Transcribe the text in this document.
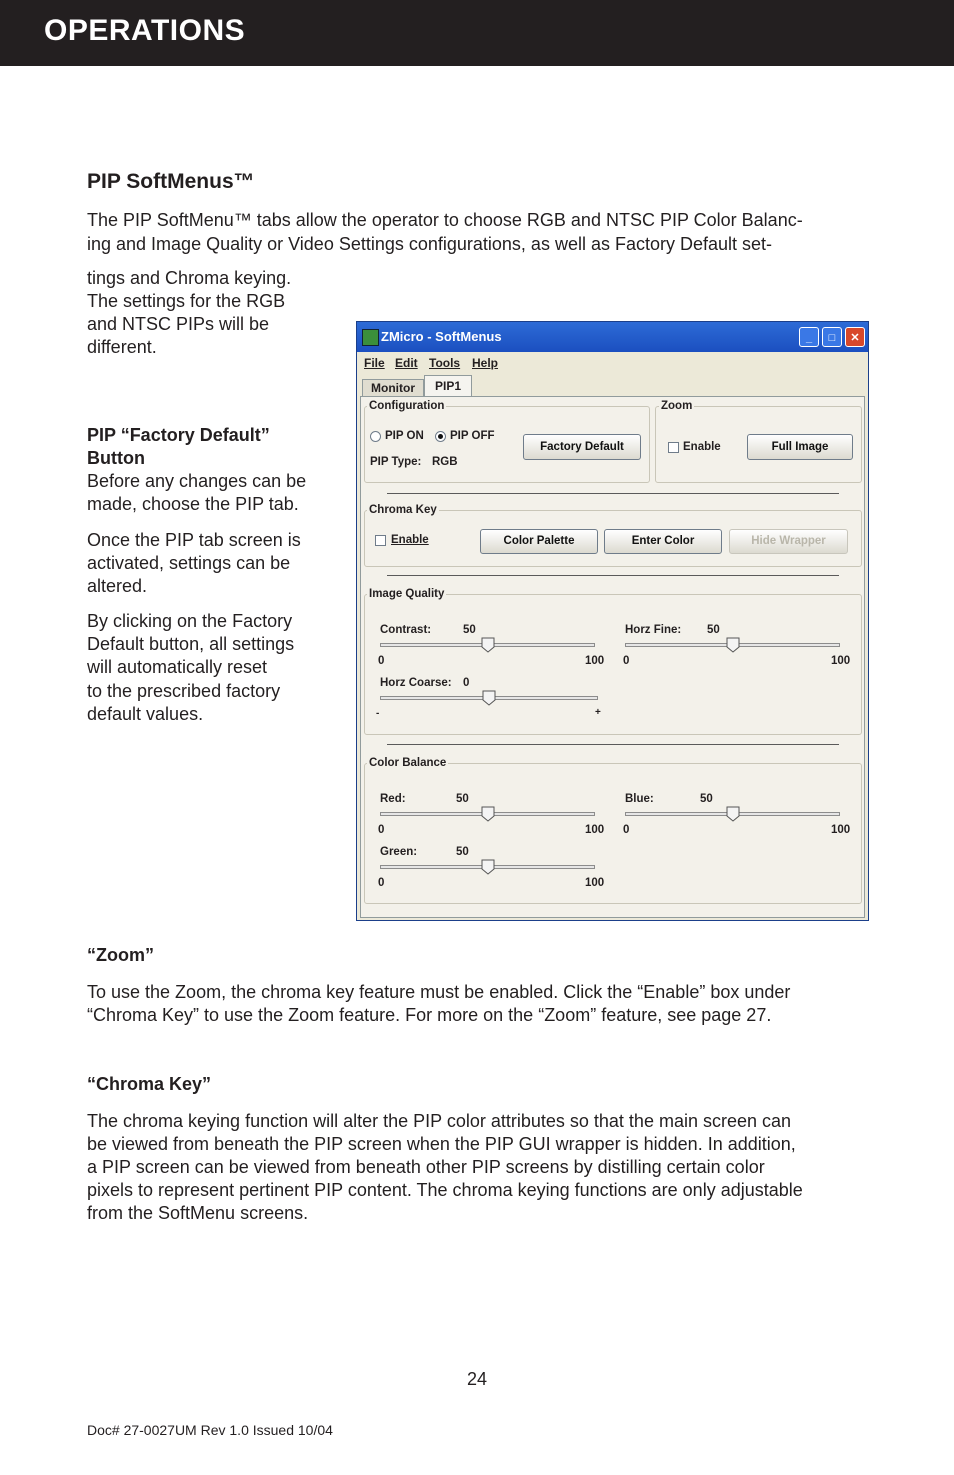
OPERATIONS
PIP SoftMenus™
The PIP SoftMenu™ tabs allow the operator to choose RGB and NTSC PIP Color Balanc-
ing and Image Quality or Video Settings configurations, as well as Factory Default set-
tings and Chroma keying.
The settings for the RGB
and NTSC PIPs will be
different.
PIP “Factory Default”
Button
Before any changes can be
made, choose the PIP tab.
Once the PIP tab screen is
activated, settings can be
altered.
By clicking on the Factory
Default button, all settings
will automatically reset
to the prescribed factory
default values.
ZMicro - SoftMenus	_	□	✕
File Edit Tools Help
Monitor	PIP1
Configuration
PIP ON PIP OFF
PIP Type: RGB
Factory Default
Zoom
Enable	Full Image
Chroma Key
Enable	Color Palette	Enter Color	Hide Wrapper
Image Quality
Contrast:	50
0	100
Horz Fine: 50
0	100
Horz Coarse: 0
-	+
Color Balance
Red:	50
0	100
Blue:	50
0	100
Green:	50
0	100
“Zoom”
To use the Zoom, the chroma key feature must be enabled. Click the “Enable” box under
“Chroma Key” to use the Zoom feature. For more on the “Zoom” feature, see page 27.
“Chroma Key”
The chroma keying function will alter the PIP color attributes so that the main screen can
be viewed from beneath the PIP screen when the PIP GUI wrapper is hidden. In addition,
a PIP screen can be viewed from beneath other PIP screens by distilling certain color
pixels to represent pertinent PIP content. The chroma keying functions are only adjustable
from the SoftMenu screens.
24
Doc# 27-0027UM Rev 1.0 Issued 10/04
